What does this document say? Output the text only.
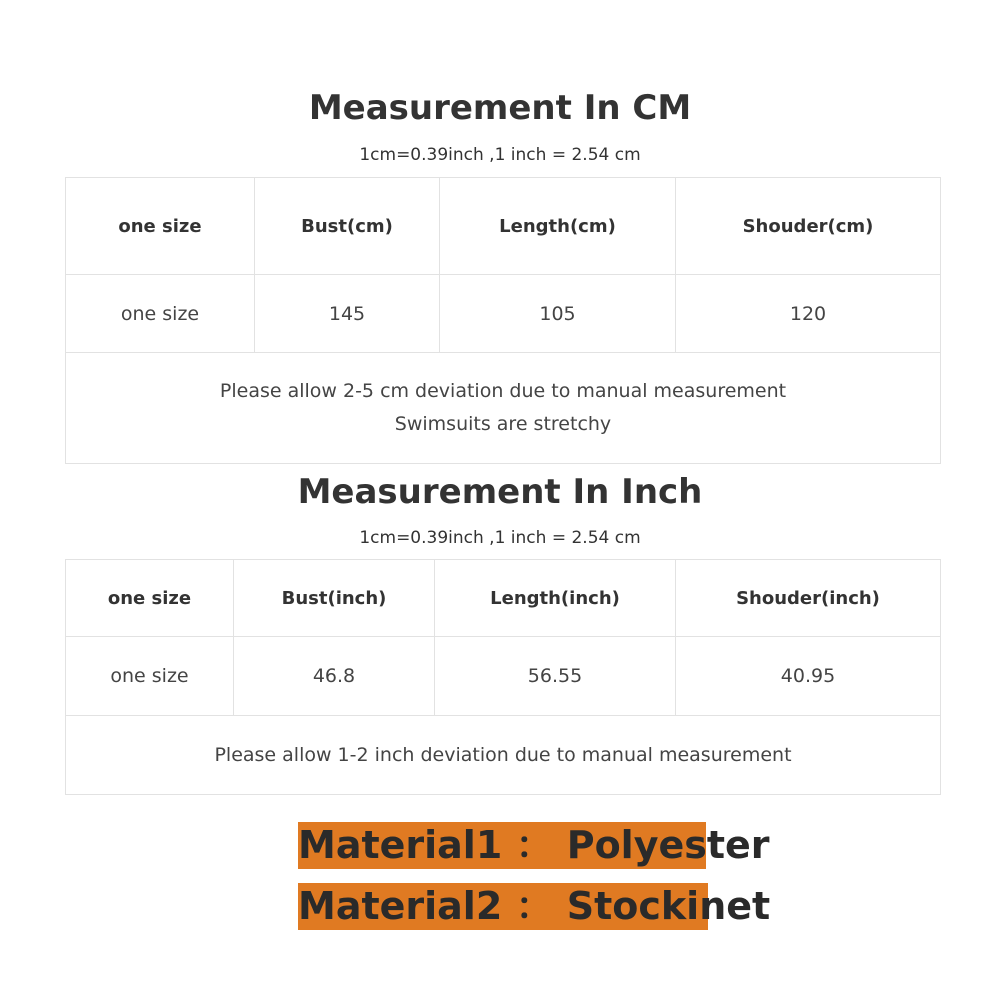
Measurement In CM
1cm=0.39inch ,1 inch = 2.54 cm
one size	Bust(cm)	Length(cm)	Shouder(cm)
one size	145	105	120

Please allow 2-5 cm deviation due to manual measurement
Swimsuits are stretchy			
Measurement In Inch
1cm=0.39inch ,1 inch = 2.54 cm
one size	Bust(inch)	Length(inch)	Shouder(inch)
one size	46.8	56.55	40.95
Please allow 1-2 inch deviation due to manual measurement			
Material1 ： Polyester
Material2 ： Stockinet
